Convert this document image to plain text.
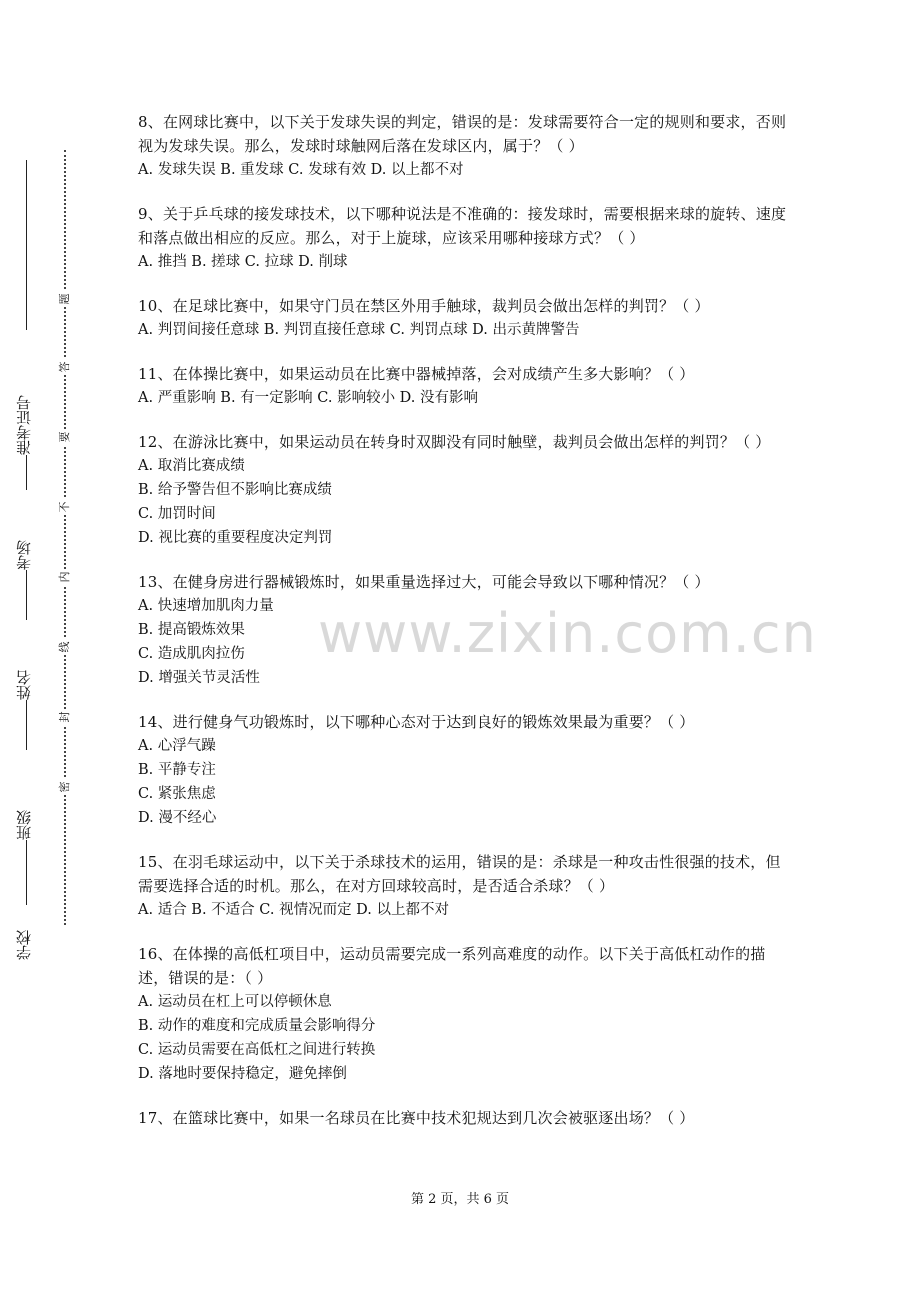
准考证号
考场
姓名
班级
学校
题
答
要
不
内
线
封
密

8、在网球比赛中，以下关于发球失误的判定，错误的是：发球需要符合一定的规则和要求，否则视为发球失误。那么，发球时球触网后落在发球区内，属于？（ ）

A. 发球失误 B. 重发球 C. 发球有效 D. 以上都不对

9、关于乒乓球的接发球技术，以下哪种说法是不准确的：接发球时，需要根据来球的旋转、速度和落点做出相应的反应。那么，对于上旋球，应该采用哪种接球方式？（ ）

A. 推挡 B. 搓球 C. 拉球 D. 削球

10、在足球比赛中，如果守门员在禁区外用手触球，裁判员会做出怎样的判罚？（ ）

A. 判罚间接任意球 B. 判罚直接任意球 C. 判罚点球 D. 出示黄牌警告

11、在体操比赛中，如果运动员在比赛中器械掉落，会对成绩产生多大影响？（ ）

A. 严重影响 B. 有一定影响 C. 影响较小 D. 没有影响

12、在游泳比赛中，如果运动员在转身时双脚没有同时触壁，裁判员会做出怎样的判罚？（ ）

A. 取消比赛成绩

B. 给予警告但不影响比赛成绩

C. 加罚时间

D. 视比赛的重要程度决定判罚

13、在健身房进行器械锻炼时，如果重量选择过大，可能会导致以下哪种情况？（ ）

A. 快速增加肌肉力量

B. 提高锻炼效果

C. 造成肌肉拉伤

D. 增强关节灵活性

14、进行健身气功锻炼时，以下哪种心态对于达到良好的锻炼效果最为重要？（ ）

A. 心浮气躁

B. 平静专注

C. 紧张焦虑

D. 漫不经心

15、在羽毛球运动中，以下关于杀球技术的运用，错误的是：杀球是一种攻击性很强的技术，但需要选择合适的时机。那么，在对方回球较高时，是否适合杀球？（ ）

A. 适合 B. 不适合 C. 视情况而定 D. 以上都不对

16、在体操的高低杠项目中，运动员需要完成一系列高难度的动作。以下关于高低杠动作的描述，错误的是：（ ）

A. 运动员在杠上可以停顿休息

B. 动作的难度和完成质量会影响得分

C. 运动员需要在高低杠之间进行转换

D. 落地时要保持稳定，避免摔倒

17、在篮球比赛中，如果一名球员在比赛中技术犯规达到几次会被驱逐出场？（ ）

www.zixin.com.cn
第 2 页，共 6 页
